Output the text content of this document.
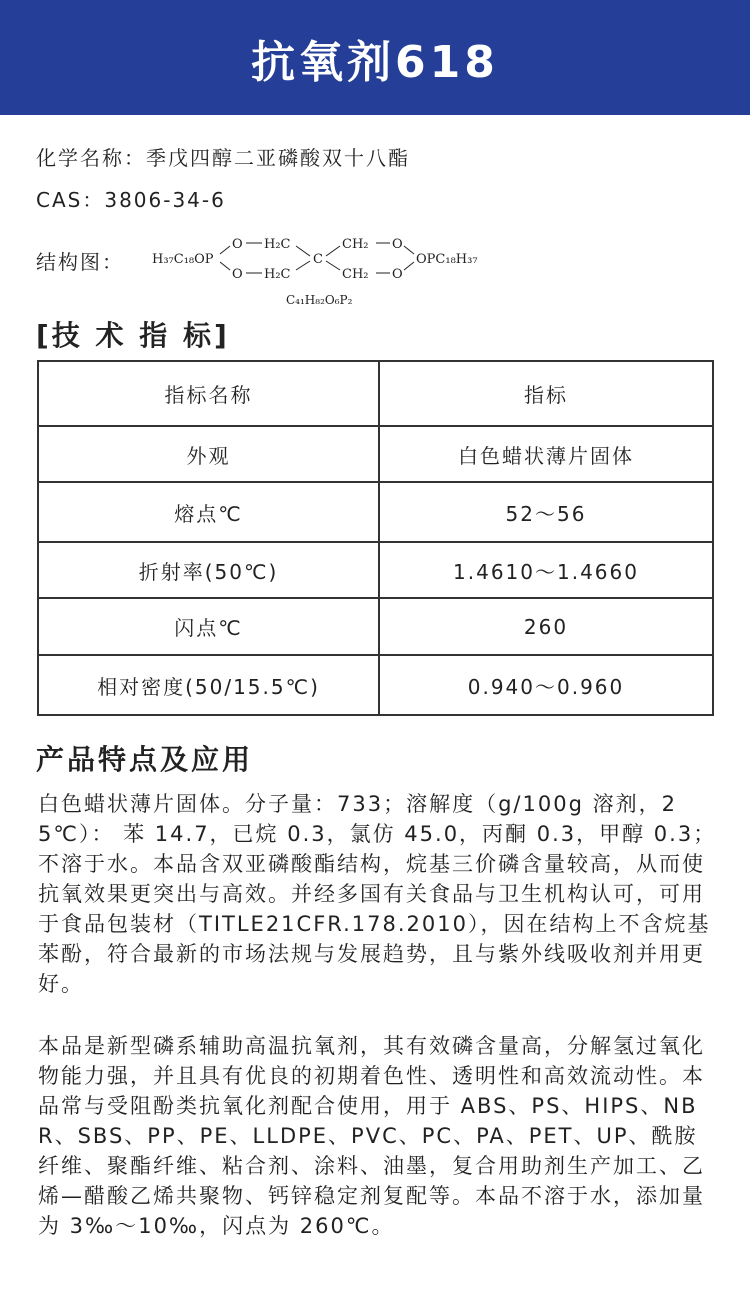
抗氧剂618
化学名称：季戊四醇二亚磷酸双十八酯
CAS：3806-34-6
结构图： H₃₇C₁₈OP
O
O
H₂C
H₂C
C
CH₂
CH₂
O
O
OPC₁₈H₃₇
C₄₁H₈₂O₆P₂
[技 术 指 标]
指标名称	指标
外观	白色蜡状薄片固体
熔点℃	52～56
折射率(50℃)	1.4610～1.4660
闪点℃	260
相对密度(50/15.5℃)	0.940～0.960
产品特点及应用

白色蜡状薄片固体。分子量：733；溶解度（g/100g 溶剂，25℃）： 苯 14.7，已烷 0.3，氯仿 45.0，丙酮 0.3，甲醇 0.3；不溶于水。本品含双亚磷酸酯结构，烷基三价磷含量较高，从而使抗氧效果更突出与高效。并经多国有关食品与卫生机构认可，可用于食品包装材（TITLE21CFR.178.2010），因在结构上不含烷基苯酚，符合最新的市场法规与发展趋势，且与紫外线吸收剂并用更好。

本品是新型磷系辅助高温抗氧剂，其有效磷含量高，分解氢过氧化物能力强，并且具有优良的初期着色性、透明性和高效流动性。本品常与受阻酚类抗氧化剂配合使用，用于 ABS、PS、HIPS、NBR、SBS、PP、PE、LLDPE、PVC、PC、PA、PET、UP、酰胺纤维、聚酯纤维、粘合剂、涂料、油墨，复合用助剂生产加工、乙烯—醋酸乙烯共聚物、钙锌稳定剂复配等。本品不溶于水，添加量为 3‰～10‰，闪点为 260℃。
